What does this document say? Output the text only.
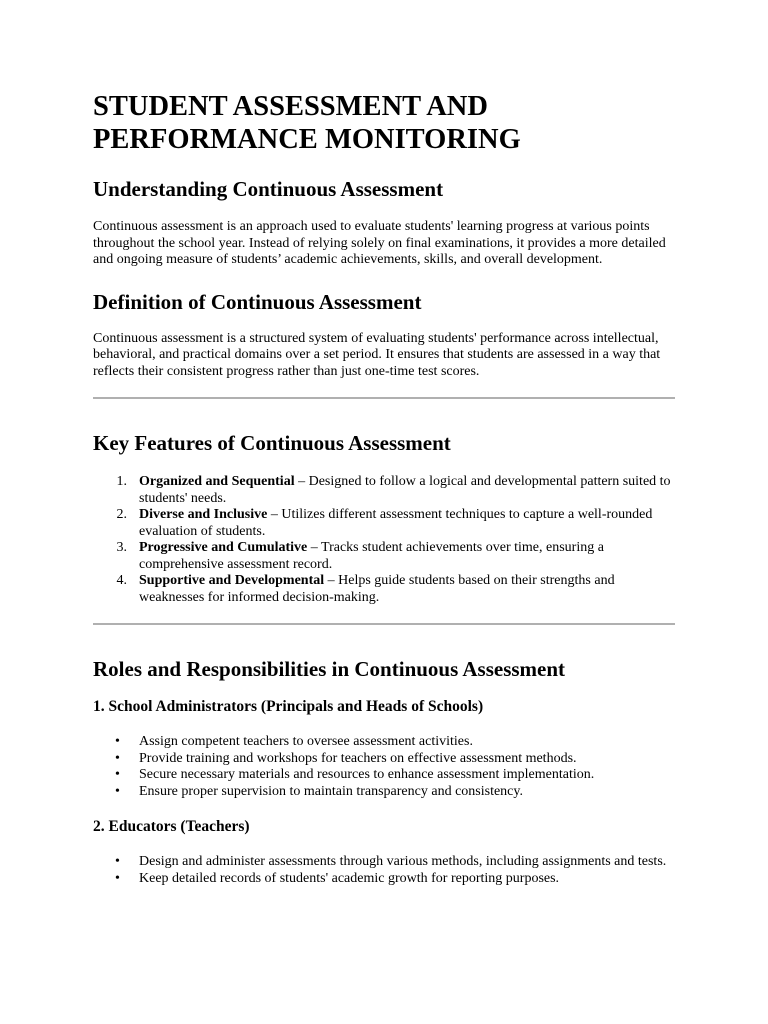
STUDENT ASSESSMENT AND
PERFORMANCE MONITORING
Understanding Continuous Assessment

Continuous assessment is an approach used to evaluate students' learning progress at various points throughout the school year. Instead of relying solely on final examinations, it provides a more detailed and ongoing measure of students’ academic achievements, skills, and overall development.

Definition of Continuous Assessment

Continuous assessment is a structured system of evaluating students' performance across intellectual, behavioral, and practical domains over a set period. It ensures that students are assessed in a way that reflects their consistent progress rather than just one-time test scores.

Key Features of Continuous Assessment
1. Organized and Sequential – Designed to follow a logical and developmental pattern suited to students' needs.
2. Diverse and Inclusive – Utilizes different assessment techniques to capture a well-rounded evaluation of students.
3. Progressive and Cumulative – Tracks student achievements over time, ensuring a comprehensive assessment record.
4. Supportive and Developmental – Helps guide students based on their strengths and weaknesses for informed decision-making.
Roles and Responsibilities in Continuous Assessment
1. School Administrators (Principals and Heads of Schools)
• Assign competent teachers to oversee assessment activities.
• Provide training and workshops for teachers on effective assessment methods.
• Secure necessary materials and resources to enhance assessment implementation.
• Ensure proper supervision to maintain transparency and consistency.
2. Educators (Teachers)
• Design and administer assessments through various methods, including assignments and tests.
• Keep detailed records of students' academic growth for reporting purposes.
